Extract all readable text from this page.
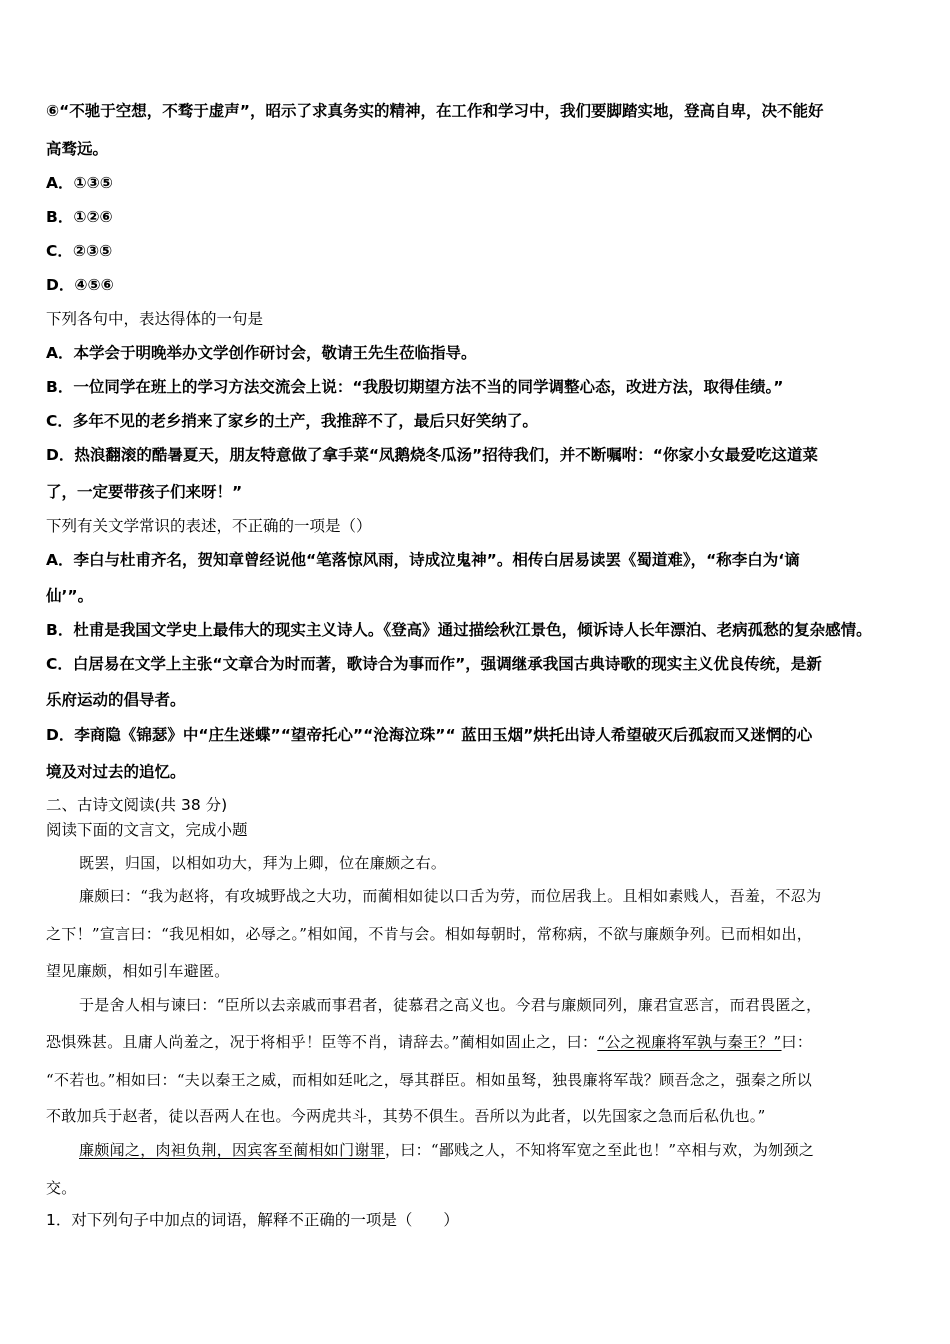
⑥“不驰于空想，不骛于虚声”，昭示了求真务实的精神，在工作和学习中，我们要脚踏实地，登高自卑，决不能好
高骛远。
A．①③⑤
B．①②⑥
C．②③⑤
D．④⑤⑥
下列各句中，表达得体的一句是
A．本学会于明晚举办文学创作研讨会，敬请王先生莅临指导。
B．一位同学在班上的学习方法交流会上说：“我殷切期望方法不当的同学调整心态，改进方法，取得佳绩。”
C．多年不见的老乡捎来了家乡的土产，我推辞不了，最后只好笑纳了。
D．热浪翻滚的酷暑夏天，朋友特意做了拿手菜“凤鹅烧冬瓜汤”招待我们，并不断嘱咐：“你家小女最爱吃这道菜
了，一定要带孩子们来呀！”
下列有关文学常识的表述，不正确的一项是（）
A．李白与杜甫齐名，贺知章曾经说他“笔落惊风雨，诗成泣鬼神”。相传白居易读罢《蜀道难》，“称李白为‘谪
仙’”。
B．杜甫是我国文学史上最伟大的现实主义诗人。《登高》通过描绘秋江景色，倾诉诗人长年漂泊、老病孤愁的复杂感情。
C．白居易在文学上主张“文章合为时而著，歌诗合为事而作”，强调继承我国古典诗歌的现实主义优良传统，是新
乐府运动的倡导者。
D．李商隐《锦瑟》中“庄生迷蝶”“望帝托心”“沧海泣珠”“ 蓝田玉烟”烘托出诗人希望破灭后孤寂而又迷惘的心
境及对过去的追忆。
二、古诗文阅读(共 38 分)
阅读下面的文言文，完成小题
既罢，归国，以相如功大，拜为上卿，位在廉颇之右。
廉颇曰：“我为赵将，有攻城野战之大功，而蔺相如徒以口舌为劳，而位居我上。且相如素贱人，吾羞，不忍为
之下！”宣言曰：“我见相如，必辱之。”相如闻，不肯与会。相如每朝时，常称病，不欲与廉颇争列。已而相如出，
望见廉颇，相如引车避匿。
于是舍人相与谏曰：“臣所以去亲戚而事君者，徒慕君之高义也。今君与廉颇同列，廉君宣恶言，而君畏匿之，
恐惧殊甚。且庸人尚羞之，况于将相乎！臣等不肖，请辞去。”蔺相如固止之，曰：“公之视廉将军孰与秦王？”曰：
“不若也。”相如曰：“夫以秦王之威，而相如廷叱之，辱其群臣。相如虽驽，独畏廉将军哉？顾吾念之，强秦之所以
不敢加兵于赵者，徒以吾两人在也。今两虎共斗，其势不俱生。吾所以为此者，以先国家之急而后私仇也。”
廉颇闻之，肉袒负荆，因宾客至蔺相如门谢罪，曰：“鄙贱之人，不知将军宽之至此也！”卒相与欢，为刎颈之
交。
1．对下列句子中加点的词语，解释不正确的一项是（　　）
